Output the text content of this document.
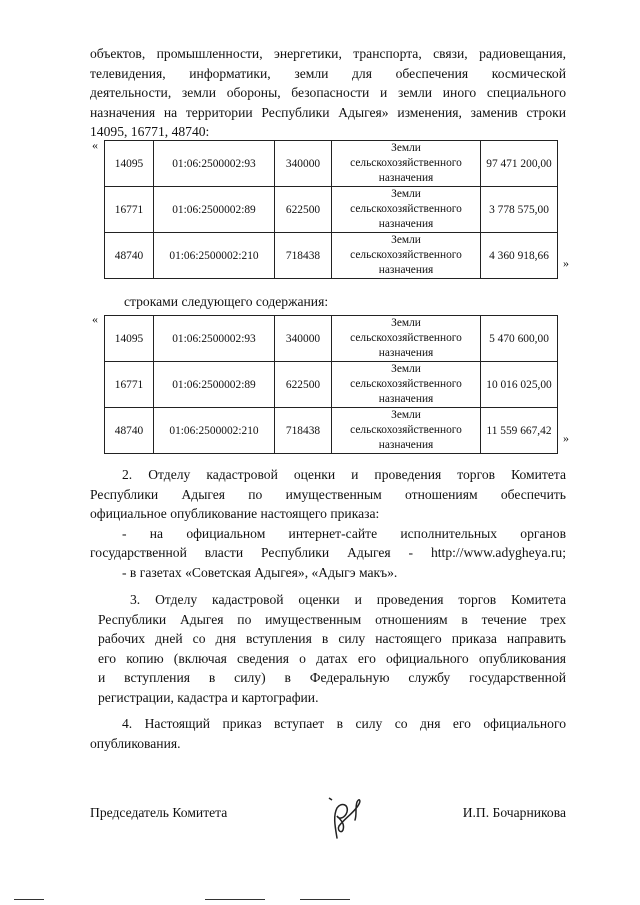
объектов, промышленности, энергетики, транспорта, связи, радиовещания,
телевидения, информатики, земли для обеспечения космической
деятельности, земли обороны, безопасности и земли иного специального
назначения на территории Республики Адыгея» изменения, заменив строки
14095, 16771, 48740:
«
14095	01:06:2500002:93	340000	Земли сельскохозяйственного назначения	97 471 200,00
16771	01:06:2500002:89	622500	Земли сельскохозяйственного назначения	3 778 575,00
48740	01:06:2500002:210	718438	Земли сельскохозяйственного назначения	4 360 918,66
»
строками следующего содержания:
«
14095	01:06:2500002:93	340000	Земли сельскохозяйственного назначения	5 470 600,00
16771	01:06:2500002:89	622500	Земли сельскохозяйственного назначения	10 016 025,00
48740	01:06:2500002:210	718438	Земли сельскохозяйственного назначения	11 559 667,42
»
2. Отделу кадастровой оценки и проведения торгов Комитета
Республики Адыгея по имущественным отношениям обеспечить
официальное опубликование настоящего приказа:
- на официальном интернет-сайте исполнительных органов
государственной власти Республики Адыгея - http://www.adygheya.ru;
- в газетах «Советская Адыгея», «Адыгэ макъ».
3. Отделу кадастровой оценки и проведения торгов Комитета
Республики Адыгея по имущественным отношениям в течение трех
рабочих дней со дня вступления в силу настоящего приказа направить
его копию (включая сведения о датах его официального опубликования
и вступления в силу) в Федеральную службу государственной
регистрации, кадастра и картографии.
4. Настоящий приказ вступает в силу со дня его официального
опубликования.
Председатель Комитета	И.П. Бочарникова
